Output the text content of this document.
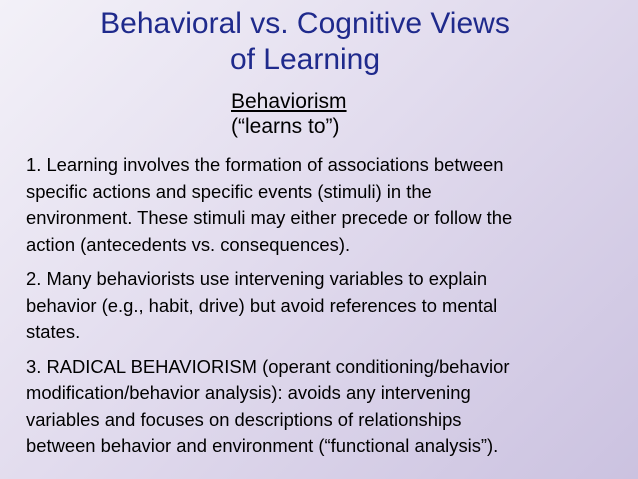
Behavioral vs. Cognitive Views
of Learning
Behaviorism
(“learns to”)
1. Learning involves the formation of associations between
specific actions and specific events (stimuli) in the
environment. These stimuli may either precede or follow the
action (antecedents vs. consequences).
2. Many behaviorists use intervening variables to explain
behavior (e.g., habit, drive) but avoid references to mental
states.
3. RADICAL BEHAVIORISM (operant conditioning/behavior
modification/behavior analysis): avoids any intervening
variables and focuses on descriptions of relationships
between behavior and environment (“functional analysis”).
